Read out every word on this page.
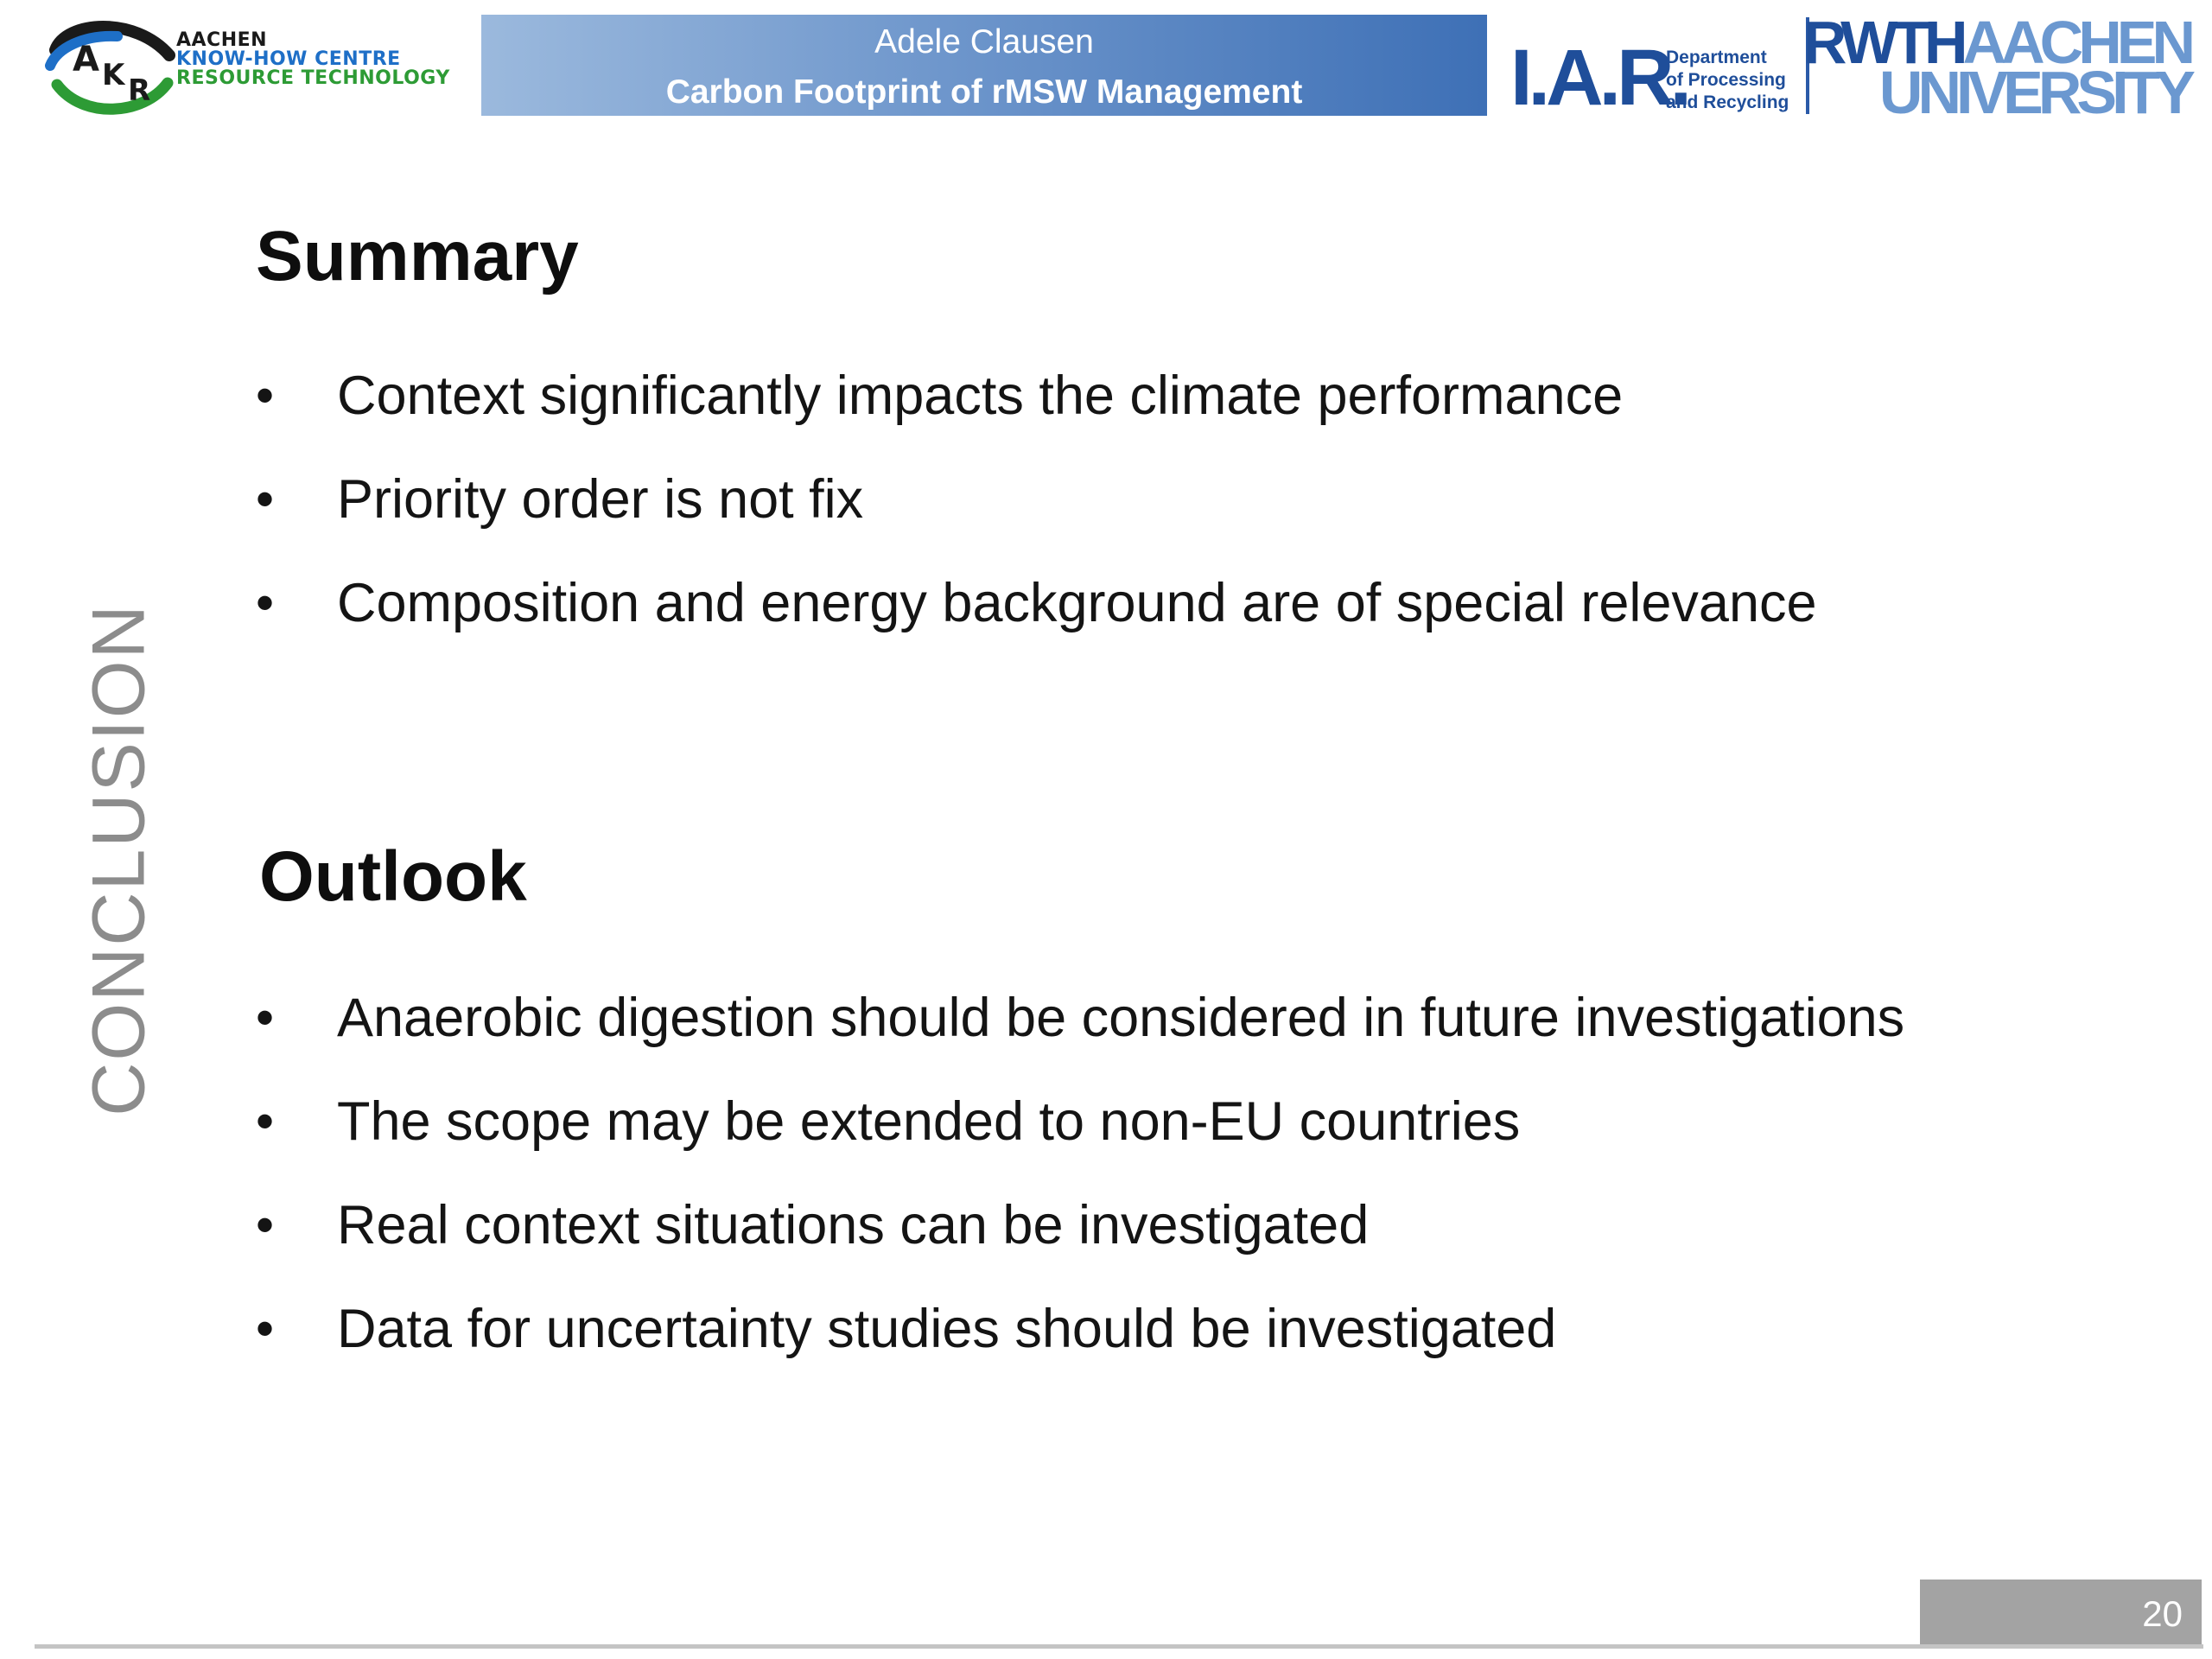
A K R
AACHEN
KNOW-HOW CENTRE
RESOURCE TECHNOLOGY
Adele Clausen
Carbon Footprint of rMSW Management	I.A.R.
Department
of Processing
and Recycling
RWTHAACHEN
UNIVERSITY
CONCLUSION
Summary
• Context significantly impacts the climate performance
• Priority order is not fix
• Composition and energy background are of special relevance
Outlook
• Anaerobic digestion should be considered in future investigations
• The scope may be extended to non-EU countries
• Real context situations can be investigated
• Data for uncertainty studies should be investigated
20
